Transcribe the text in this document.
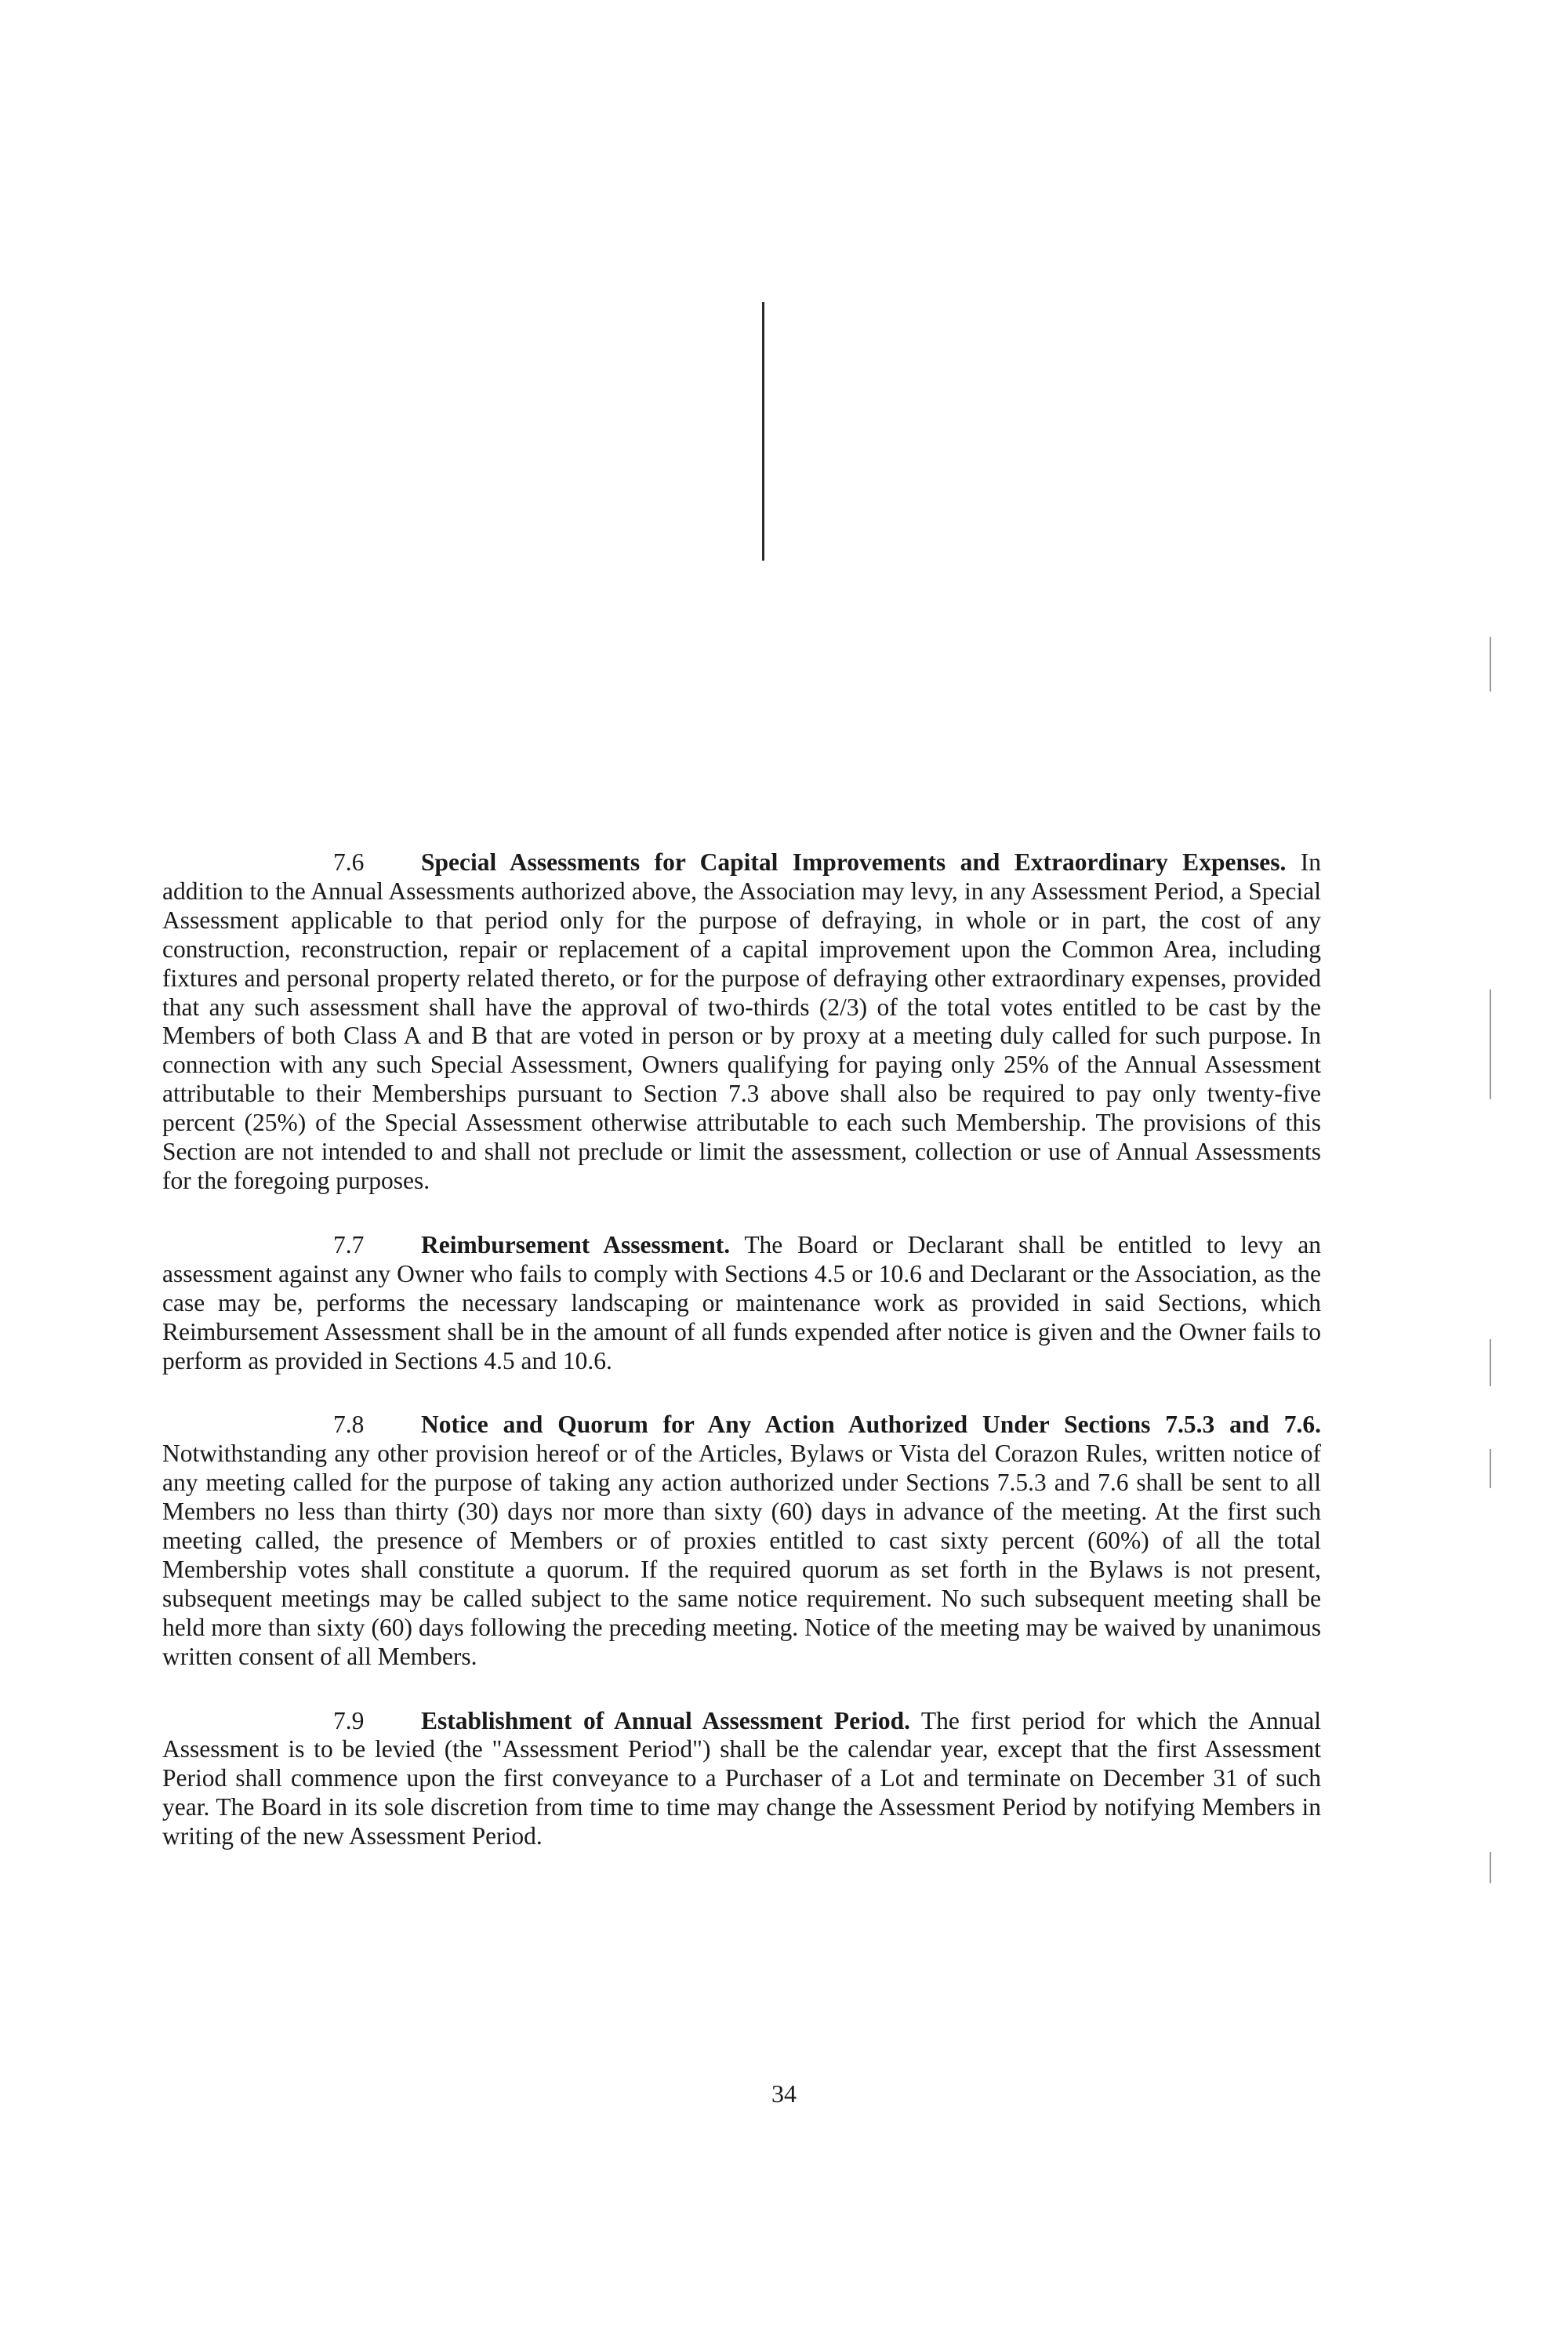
7.6 Special Assessments for Capital Improvements and Extraordinary Expenses. In addition to the Annual Assessments authorized above, the Association may levy, in any Assessment Period, a Special Assessment applicable to that period only for the purpose of defraying, in whole or in part, the cost of any construction, reconstruction, repair or replacement of a capital improvement upon the Common Area, including fixtures and personal property related thereto, or for the purpose of defraying other extraordinary expenses, provided that any such assessment shall have the approval of two-thirds (2/3) of the total votes entitled to be cast by the Members of both Class A and B that are voted in person or by proxy at a meeting duly called for such purpose. In connection with any such Special Assessment, Owners qualifying for paying only 25% of the Annual Assessment attributable to their Memberships pursuant to Section 7.3 above shall also be required to pay only twenty-five percent (25%) of the Special Assessment otherwise attributable to each such Membership. The provisions of this Section are not intended to and shall not preclude or limit the assessment, collection or use of Annual Assessments for the foregoing purposes.

7.7 Reimbursement Assessment. The Board or Declarant shall be entitled to levy an assessment against any Owner who fails to comply with Sections 4.5 or 10.6 and Declarant or the Association, as the case may be, performs the necessary landscaping or maintenance work as provided in said Sections, which Reimbursement Assessment shall be in the amount of all funds expended after notice is given and the Owner fails to perform as provided in Sections 4.5 and 10.6.

7.8 Notice and Quorum for Any Action Authorized Under Sections 7.5.3 and 7.6. Notwithstanding any other provision hereof or of the Articles, Bylaws or Vista del Corazon Rules, written notice of any meeting called for the purpose of taking any action authorized under Sections 7.5.3 and 7.6 shall be sent to all Members no less than thirty (30) days nor more than sixty (60) days in advance of the meeting. At the first such meeting called, the presence of Members or of proxies entitled to cast sixty percent (60%) of all the total Membership votes shall constitute a quorum. If the required quorum as set forth in the Bylaws is not present, subsequent meetings may be called subject to the same notice requirement. No such subsequent meeting shall be held more than sixty (60) days following the preceding meeting. Notice of the meeting may be waived by unanimous written consent of all Members.

7.9 Establishment of Annual Assessment Period. The first period for which the Annual Assessment is to be levied (the "Assessment Period") shall be the calendar year, except that the first Assessment Period shall commence upon the first conveyance to a Purchaser of a Lot and terminate on December 31 of such year. The Board in its sole discretion from time to time may change the Assessment Period by notifying Members in writing of the new Assessment Period.

34
